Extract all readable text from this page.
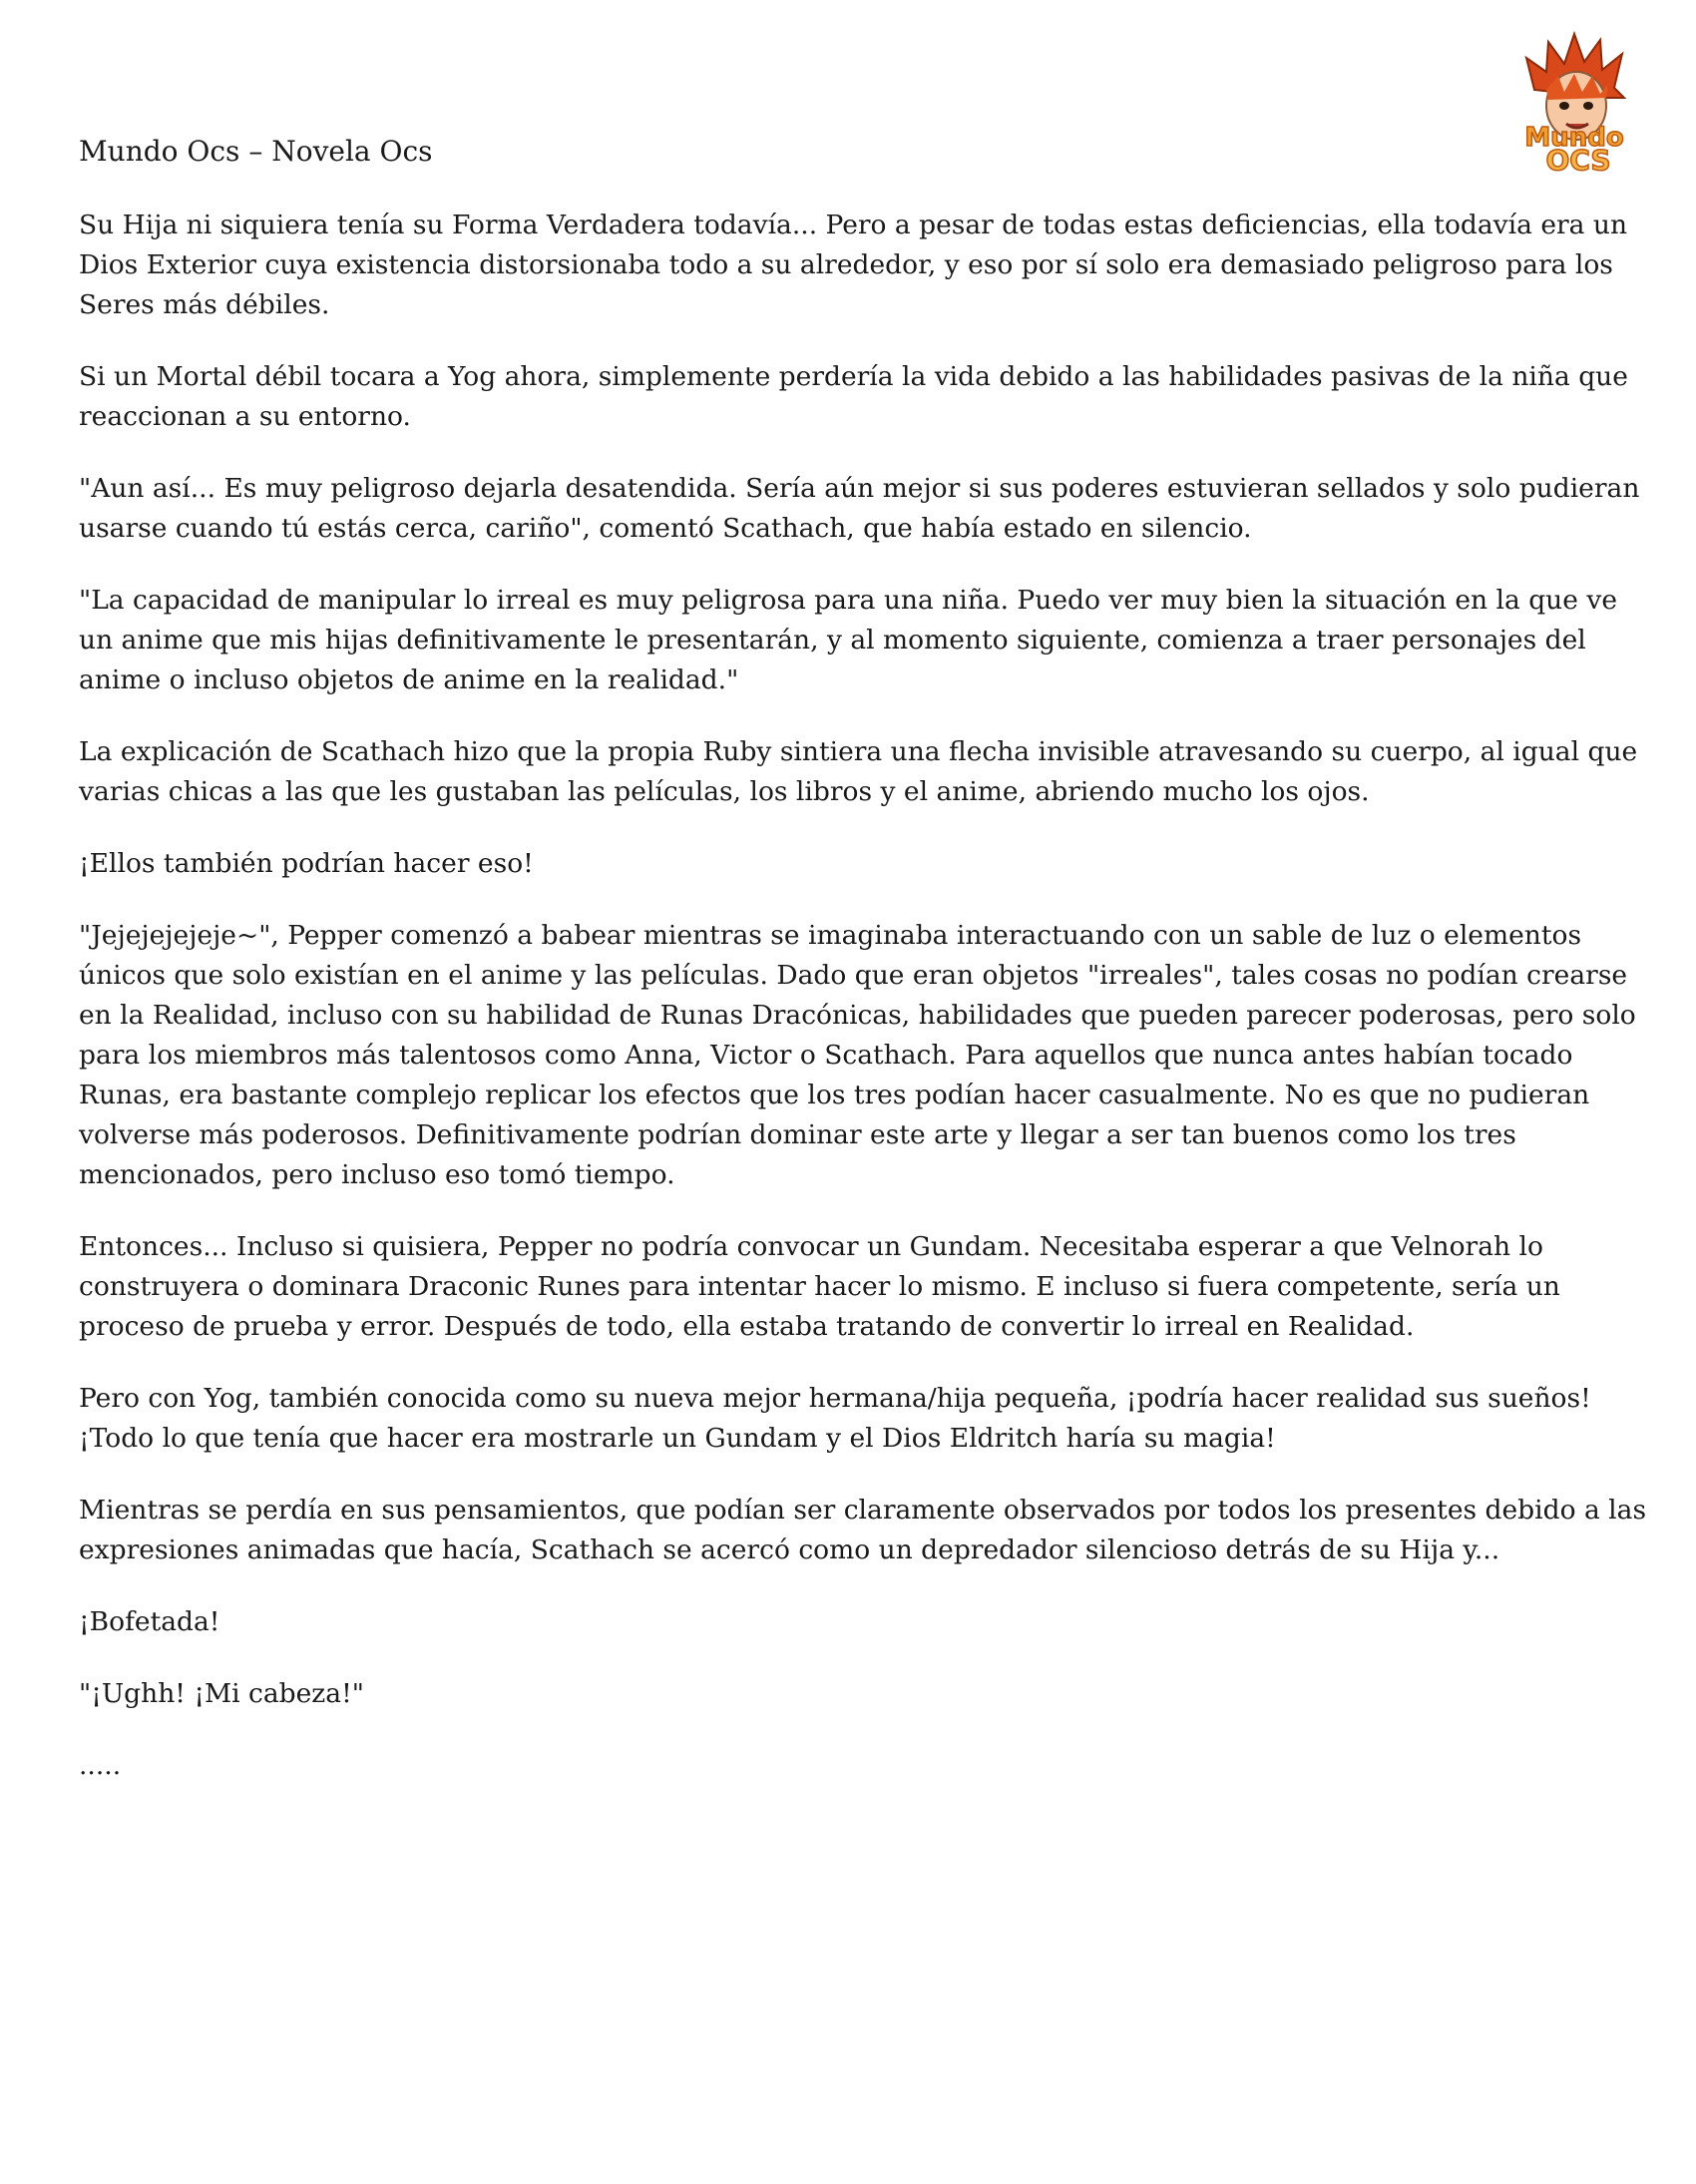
Mundo
OCS
Mundo Ocs – Novela Ocs

Su Hija ni siquiera tenía su Forma Verdadera todavía... Pero a pesar de todas estas deficiencias, ella todavía era un Dios Exterior cuya existencia distorsionaba todo a su alrededor, y eso por sí solo era demasiado peligroso para los Seres más débiles.

Si un Mortal débil tocara a Yog ahora, simplemente perdería la vida debido a las habilidades pasivas de la niña que reaccionan a su entorno.

"Aun así... Es muy peligroso dejarla desatendida. Sería aún mejor si sus poderes estuvieran sellados y solo pudieran usarse cuando tú estás cerca, cariño", comentó Scathach, que había estado en silencio.

"La capacidad de manipular lo irreal es muy peligrosa para una niña. Puedo ver muy bien la situación en la que ve un anime que mis hijas definitivamente le presentarán, y al momento siguiente, comienza a traer personajes del anime o incluso objetos de anime en la realidad."

La explicación de Scathach hizo que la propia Ruby sintiera una flecha invisible atravesando su cuerpo, al igual que varias chicas a las que les gustaban las películas, los libros y el anime, abriendo mucho los ojos.

¡Ellos también podrían hacer eso!

"Jejejejejeje~", Pepper comenzó a babear mientras se imaginaba interactuando con un sable de luz o elementos únicos que solo existían en el anime y las películas. Dado que eran objetos "irreales", tales cosas no podían crearse en la Realidad, incluso con su habilidad de Runas Dracónicas, habilidades que pueden parecer poderosas, pero solo para los miembros más talentosos como Anna, Victor o Scathach. Para aquellos que nunca antes habían tocado Runas, era bastante complejo replicar los efectos que los tres podían hacer casualmente. No es que no pudieran volverse más poderosos. Definitivamente podrían dominar este arte y llegar a ser tan buenos como los tres mencionados, pero incluso eso tomó tiempo.

Entonces... Incluso si quisiera, Pepper no podría convocar un Gundam. Necesitaba esperar a que Velnorah lo construyera o dominara Draconic Runes para intentar hacer lo mismo. E incluso si fuera competente, sería un proceso de prueba y error. Después de todo, ella estaba tratando de convertir lo irreal en Realidad.

Pero con Yog, también conocida como su nueva mejor hermana/hija pequeña, ¡podría hacer realidad sus sueños! ¡Todo lo que tenía que hacer era mostrarle un Gundam y el Dios Eldritch haría su magia!

Mientras se perdía en sus pensamientos, que podían ser claramente observados por todos los presentes debido a las expresiones animadas que hacía, Scathach se acercó como un depredador silencioso detrás de su Hija y...

¡Bofetada!

"¡Ughh! ¡Mi cabeza!"

.....
